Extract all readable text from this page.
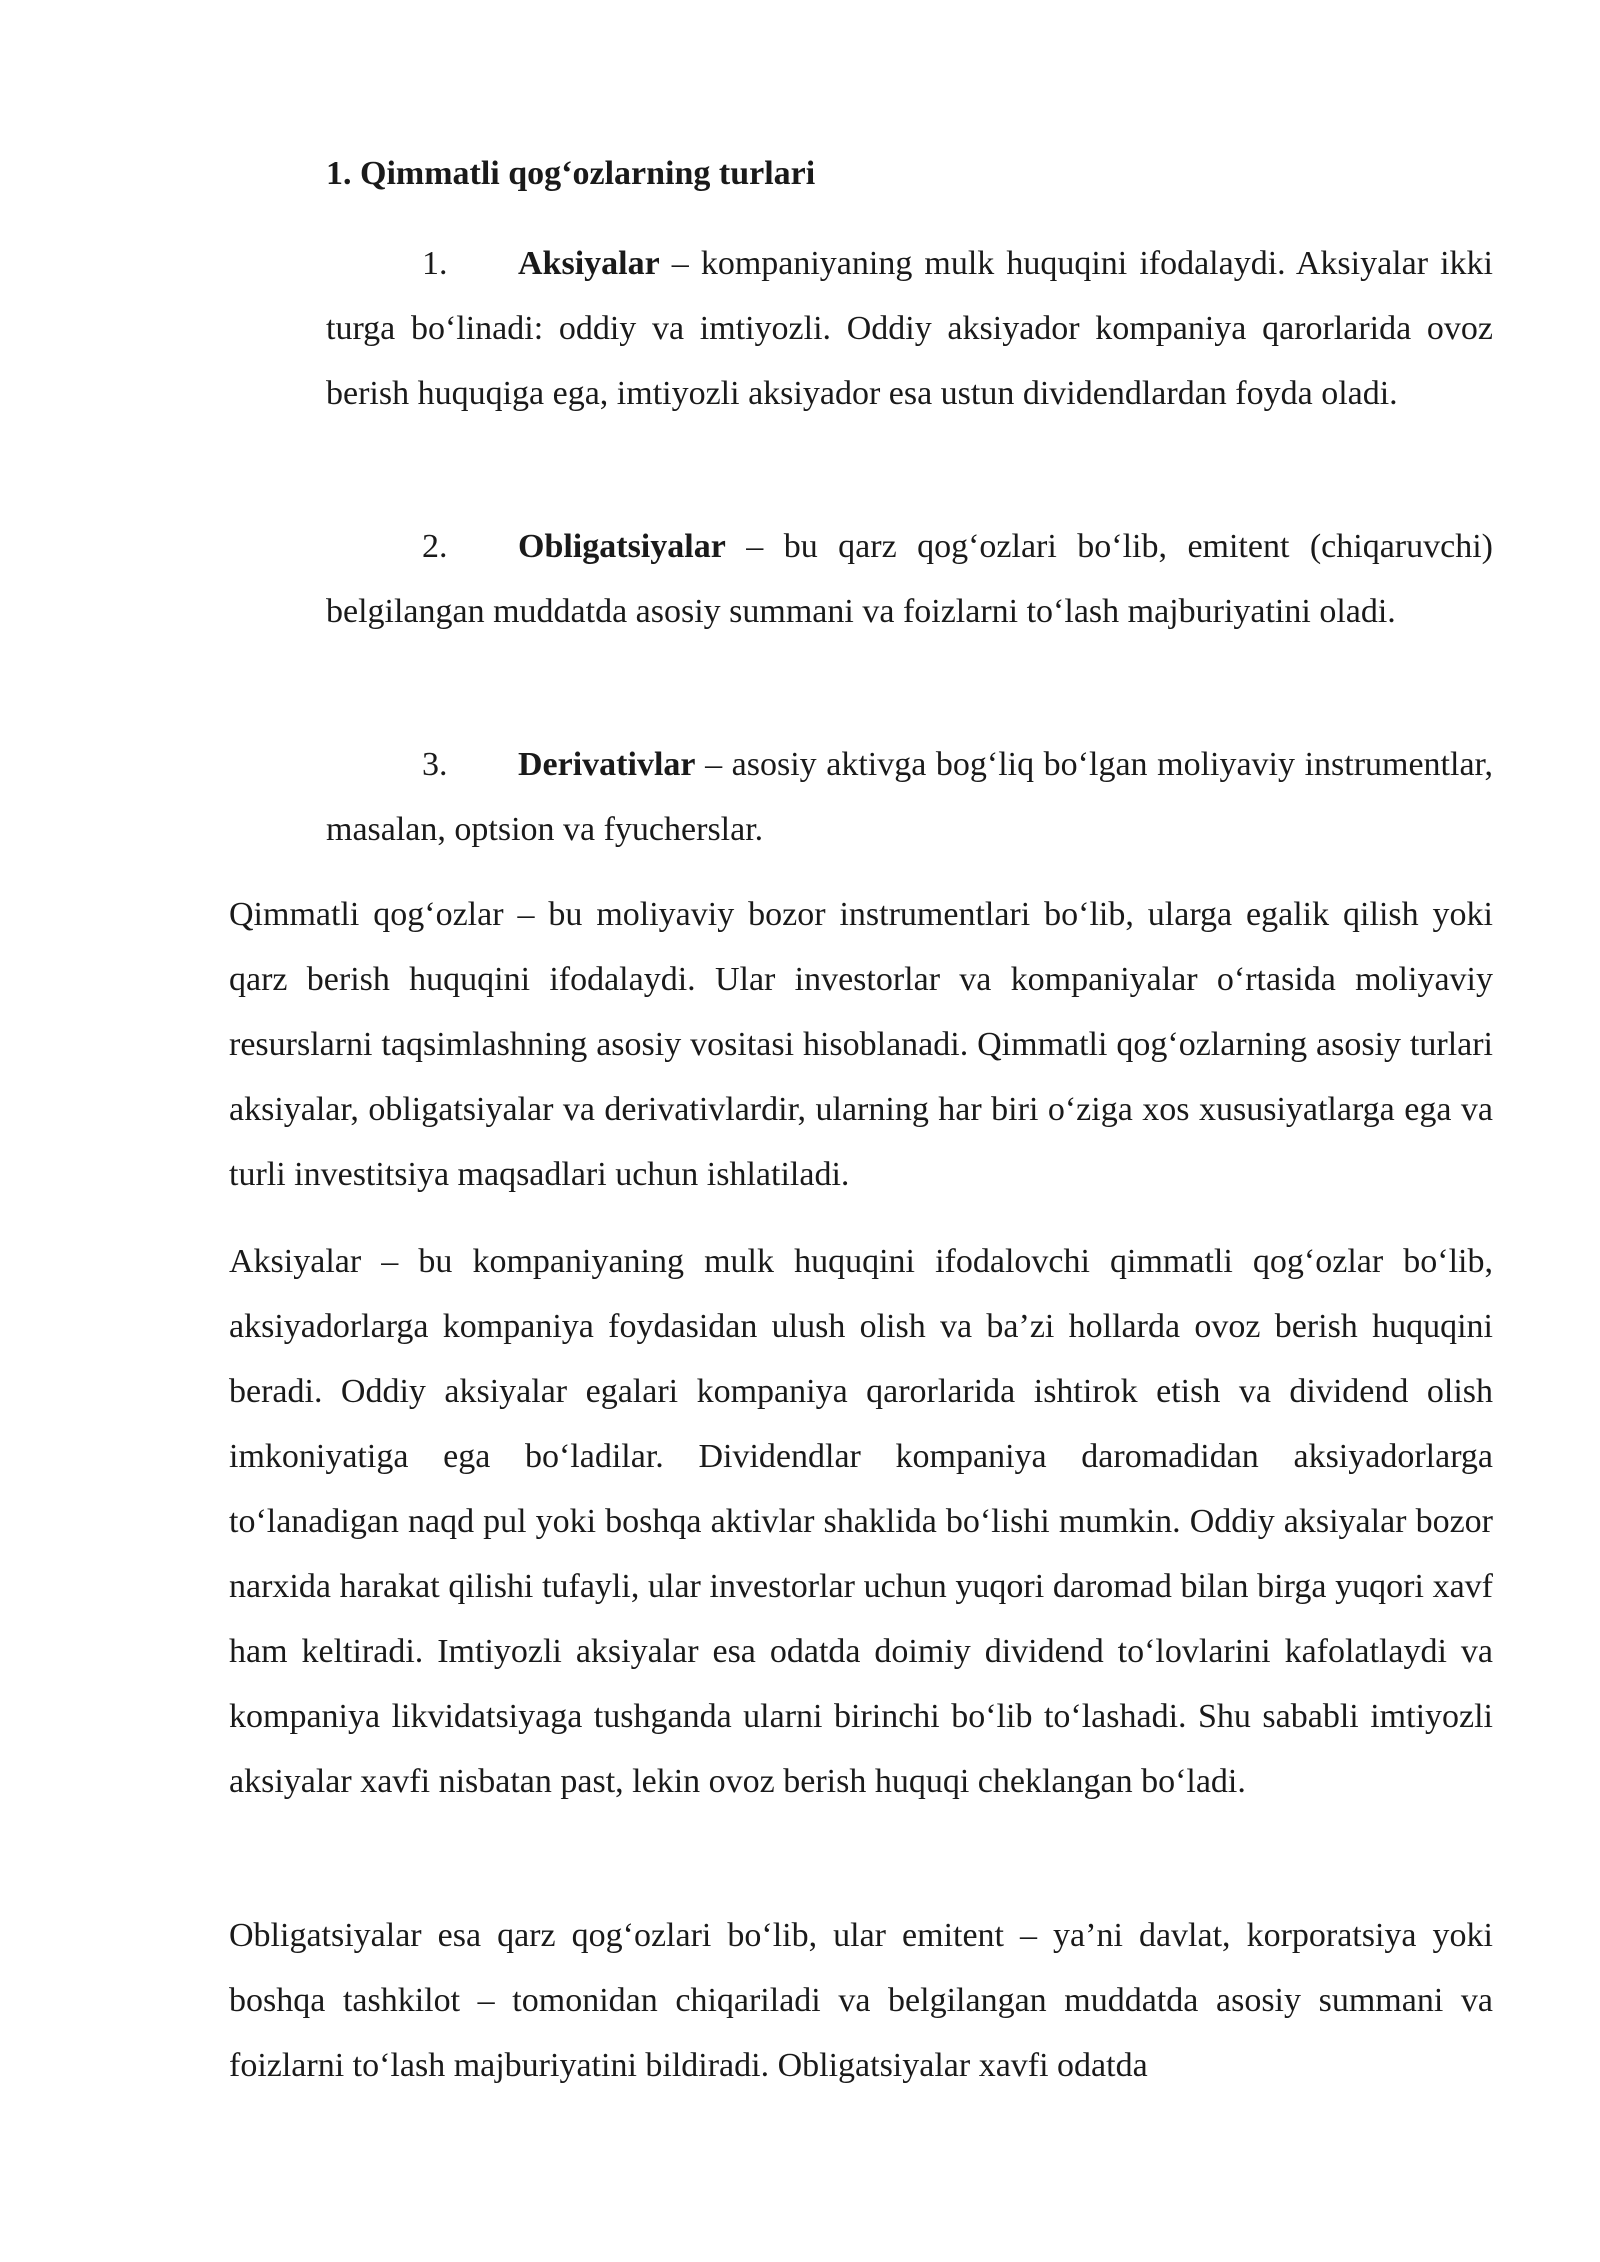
1. Qimmatli qog‘ozlarning turlari

1. Aksiyalar – kompaniyaning mulk huquqini ifodalaydi. Aksiyalar ikki turga bo‘linadi: oddiy va imtiyozli. Oddiy aksiyador kompaniya qarorlarida ovoz berish huquqiga ega, imtiyozli aksiyador esa ustun dividendlardan foyda oladi.

2. Obligatsiyalar – bu qarz qog‘ozlari bo‘lib, emitent (chiqaruvchi) belgilangan muddatda asosiy summani va foizlarni to‘lash majburiyatini oladi.

3. Derivativlar – asosiy aktivga bog‘liq bo‘lgan moliyaviy instrumentlar, masalan, optsion va fyucherslar.

Qimmatli qog‘ozlar – bu moliyaviy bozor instrumentlari bo‘lib, ularga egalik qilish yoki qarz berish huquqini ifodalaydi. Ular investorlar va kompaniyalar o‘rtasida moliyaviy resurslarni taqsimlashning asosiy vositasi hisoblanadi. Qimmatli qog‘ozlarning asosiy turlari aksiyalar, obligatsiyalar va derivativlardir, ularning har biri o‘ziga xos xususiyatlarga ega va turli investitsiya maqsadlari uchun ishlatiladi.

Aksiyalar – bu kompaniyaning mulk huquqini ifodalovchi qimmatli qog‘ozlar bo‘lib, aksiyadorlarga kompaniya foydasidan ulush olish va ba’zi hollarda ovoz berish huquqini beradi. Oddiy aksiyalar egalari kompaniya qarorlarida ishtirok etish va dividend olish imkoniyatiga ega bo‘ladilar. Dividendlar kompaniya daromadidan aksiyadorlarga to‘lanadigan naqd pul yoki boshqa aktivlar shaklida bo‘lishi mumkin. Oddiy aksiyalar bozor narxida harakat qilishi tufayli, ular investorlar uchun yuqori daromad bilan birga yuqori xavf ham keltiradi. Imtiyozli aksiyalar esa odatda doimiy dividend to‘lovlarini kafolatlaydi va kompaniya likvidatsiyaga tushganda ularni birinchi bo‘lib to‘lashadi. Shu sababli imtiyozli aksiyalar xavfi nisbatan past, lekin ovoz berish huquqi cheklangan bo‘ladi.

Obligatsiyalar esa qarz qog‘ozlari bo‘lib, ular emitent – ya’ni davlat, korporatsiya yoki boshqa tashkilot – tomonidan chiqariladi va belgilangan muddatda asosiy summani va foizlarni to‘lash majburiyatini bildiradi. Obligatsiyalar xavfi odatda
